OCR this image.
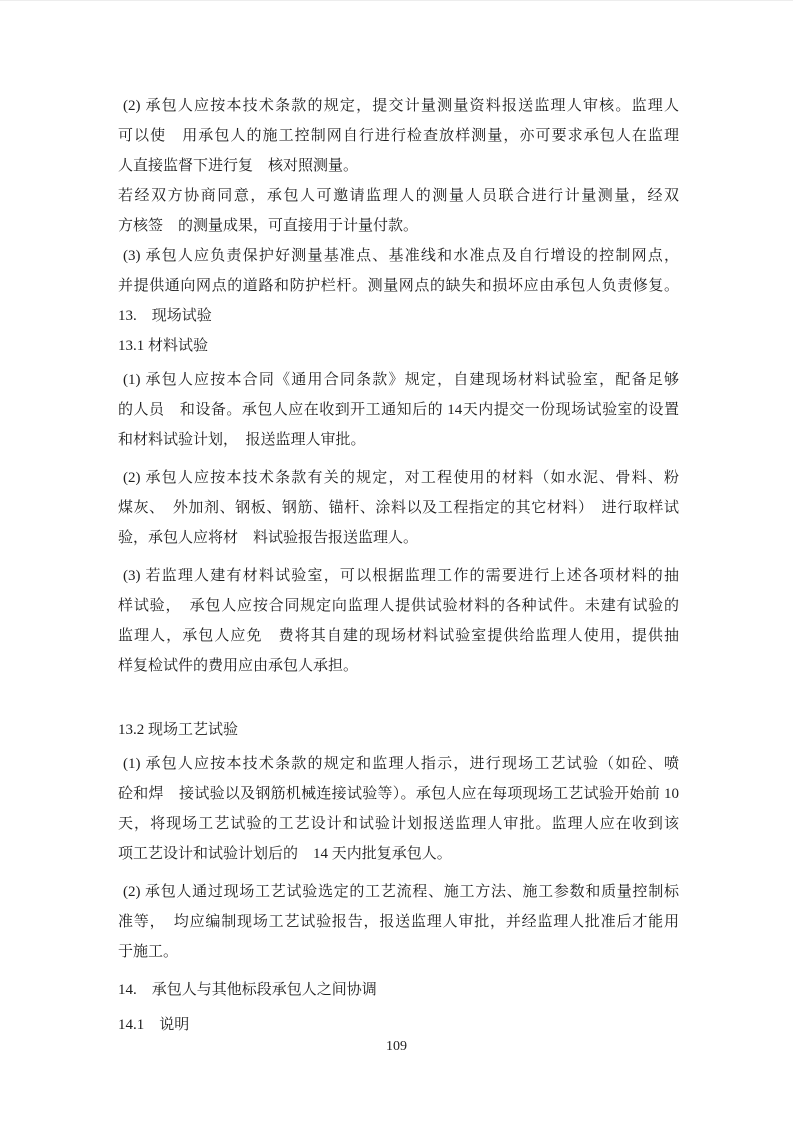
(2) 承包人应按本技术条款的规定，提交计量测量资料报送监理人审核。监理人
可以使　用承包人的施工控制网自行进行检查放样测量，亦可要求承包人在监理
人直接监督下进行复　核对照测量。
若经双方协商同意，承包人可邀请监理人的测量人员联合进行计量测量，经双
方核签　的测量成果，可直接用于计量付款。
(3) 承包人应负责保护好测量基准点、基准线和水准点及自行增设的控制网点，
并提供通向网点的道路和防护栏杆。测量网点的缺失和损坏应由承包人负责修复。
13.　现场试验
13.1 材料试验
(1) 承包人应按本合同《通用合同条款》规定，自建现场材料试验室，配备足够
的人员　和设备。承包人应在收到开工通知后的 14天内提交一份现场试验室的设置
和材料试验计划，　报送监理人审批。
(2) 承包人应按本技术条款有关的规定，对工程使用的材料（如水泥、骨料、粉
煤灰、　外加剂、钢板、钢筋、锚杆、涂料以及工程指定的其它材料）　进行取样试
验，承包人应将材　料试验报告报送监理人。
(3) 若监理人建有材料试验室，可以根据监理工作的需要进行上述各项材料的抽
样试验，　承包人应按合同规定向监理人提供试验材料的各种试件。未建有试验的
监理人，承包人应免　费将其自建的现场材料试验室提供给监理人使用，提供抽
样复检试件的费用应由承包人承担。
13.2 现场工艺试验
(1) 承包人应按本技术条款的规定和监理人指示，进行现场工艺试验（如砼、喷
砼和焊　接试验以及钢筋机械连接试验等）。承包人应在每项现场工艺试验开始前 10
天，将现场工艺试验的工艺设计和试验计划报送监理人审批。监理人应在收到该
项工艺设计和试验计划后的　14 天内批复承包人。
(2) 承包人通过现场工艺试验选定的工艺流程、施工方法、施工参数和质量控制标
准等，　均应编制现场工艺试验报告，报送监理人审批，并经监理人批准后才能用
于施工。
14.　承包人与其他标段承包人之间协调
14.1　说明
109
